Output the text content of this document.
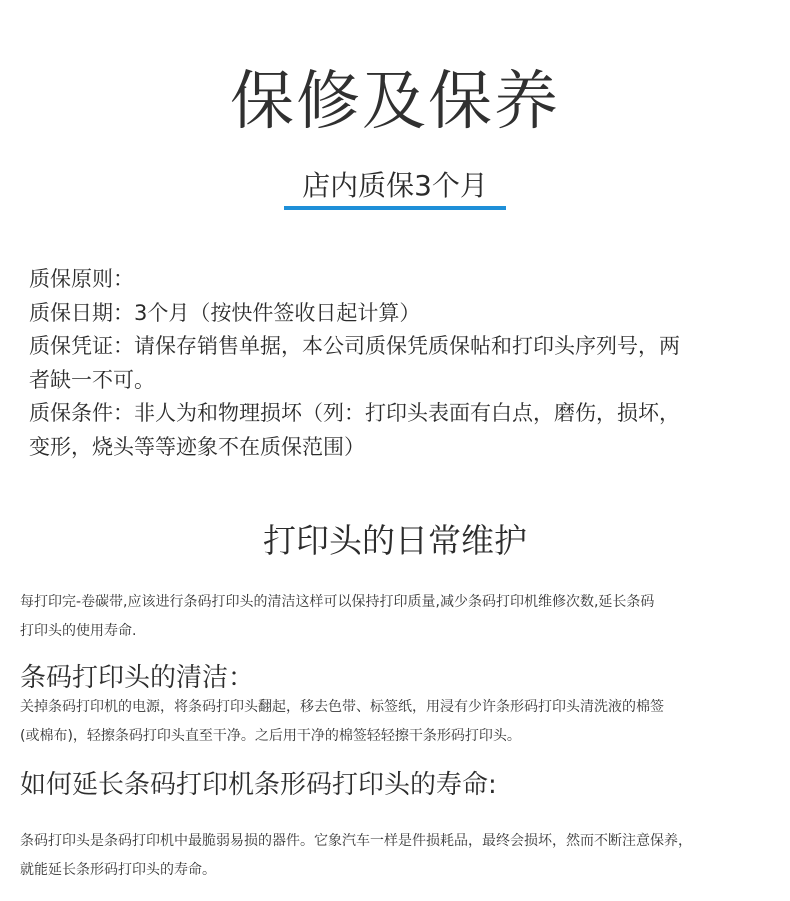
保修及保养
店内质保3个月

质保原则：

质保日期：3个月（按快件签收日起计算）

质保凭证：请保存销售单据，本公司质保凭质保帖和打印头序列号，两

者缺一不可。

质保条件：非人为和物理损坏（列：打印头表面有白点，磨伤，损坏，

变形，烧头等等迹象不在质保范围）

打印头的日常维护

每打印完-卷碳带,应该进行条码打印头的清洁这样可以保持打印质量,减少条码打印机维修次数,延长条码

打印头的使用寿命.

条码打印头的清洁：

关掉条码打印机的电源，将条码打印头翻起，移去色带、标签纸，用浸有少许条形码打印头清洗液的棉签

(或棉布)，轻擦条码打印头直至干净。之后用干净的棉签轻轻擦干条形码打印头。

如何延长条码打印机条形码打印头的寿命:

条码打印头是条码打印机中最脆弱易损的器件。它象汽车一样是件损耗品，最终会损坏，然而不断注意保养，

就能延长条形码打印头的寿命。
